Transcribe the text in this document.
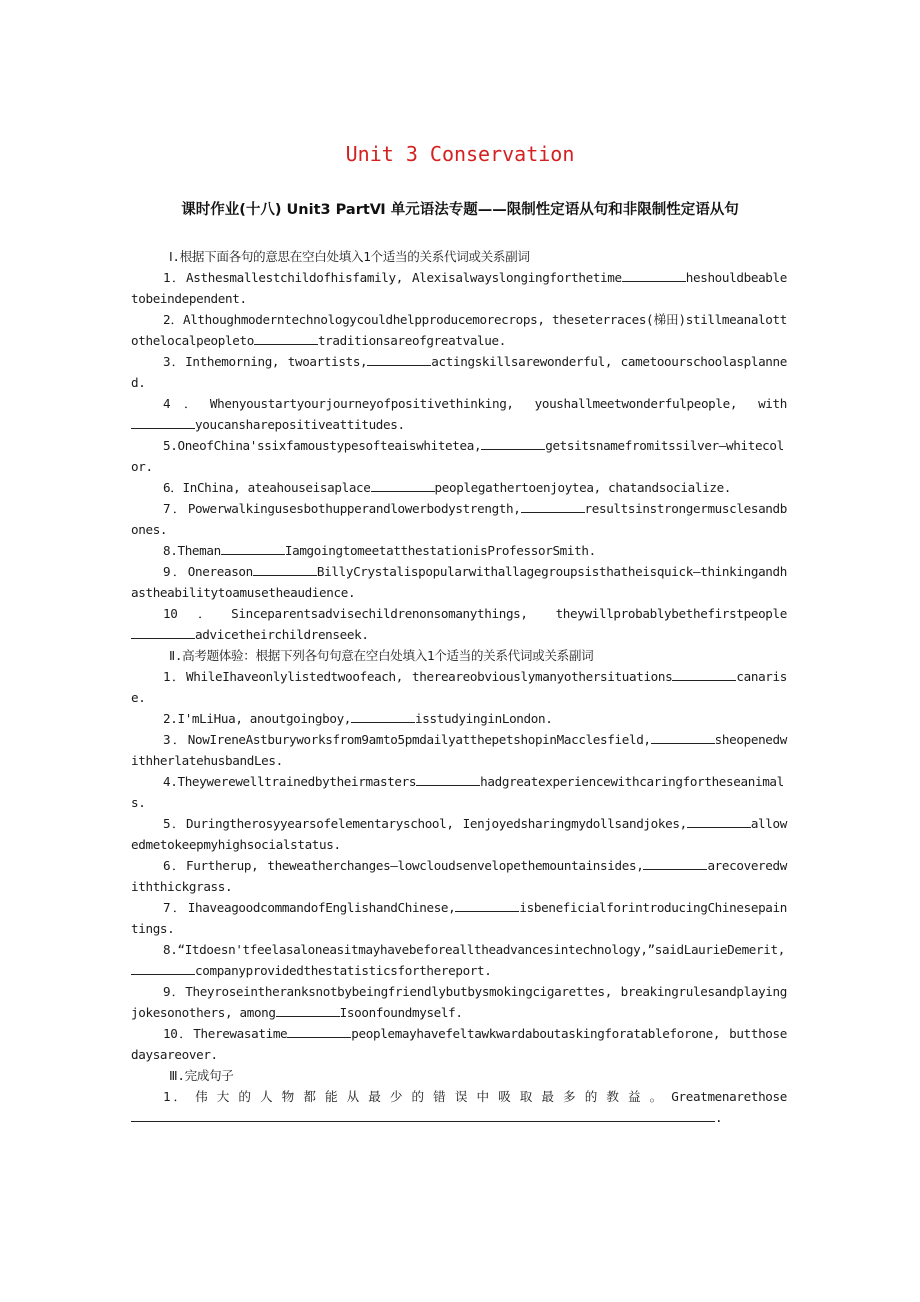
Unit 3 Conservation
课时作业(十八) Unit3 PartⅥ 单元语法专题——限制性定语从句和非限制性定语从句
Ⅰ.根据下面各句的意思在空白处填入1个适当的关系代词或关系副词
1．Asthesmallestchildofhisfamily, Alexisalwayslongingforthetime	heshouldbeabletobeindependent.
2．Althoughmoderntechnologycouldhelpproducemorecrops, theseterraces(梯田)stillmeanalottothelocalpeopleto	traditionsareofgreatvalue.
3．Inthemorning, twoartists,	actingskillsarewonderful, cametoourschoolasplanned.
4．Whenyoustartyourjourneyofpositivethinking, youshallmeetwonderfulpeople, withyoucansharepositiveattitudes.
5.OneofChina'ssixfamoustypesofteaiswhitetea,	getsitsnamefromitssilver—whitecolor.
6．InChina, ateahouseisaplace	peoplegathertoenjoytea, chatandsocialize.
7．Powerwalkingusesbothupperandlowerbodystrength,	resultsinstrongermusclesandbones.
8.Theman	IamgoingtomeetatthestationisProfessorSmith.
9．Onereason	BillyCrystalispopularwithallagegroupsisthatheisquick—thinkingandhastheabilitytoamusetheaudience.
10．Sinceparentsadvisechildrenonsomanythings, theywillprobablybethefirstpeopleadvicetheirchildrenseek.
Ⅱ.高考题体验：根据下列各句句意在空白处填入1个适当的关系代词或关系副词
1．WhileIhaveonlylistedtwoofeach, thereareobviouslymanyothersituations	canarise.
2.I'mLiHua, anoutgoingboy,	isstudyinginLondon.
3．NowIreneAstburyworksfrom9amto5pmdailyatthepetshopinMacclesfield,	sheopenedwithherlatehusbandLes.
4.Theywerewelltrainedbytheirmasters	hadgreatexperiencewithcaringfortheseanimals.
5．Duringtherosyyearsofelementaryschool, Ienjoyedsharingmydollsandjokes,	allowedmetokeepmyhighsocialstatus.
6．Furtherup, theweatherchanges—lowcloudsenvelopethemountainsides,	arecoveredwiththickgrass.
7．IhaveagoodcommandofEnglishandChinese,	isbeneficialforintroducingChinesepaintings.
8.“Itdoesn'tfeelasaloneasitmayhavebeforealltheadvancesintechnology,”saidLaurieDemerit,companyprovidedthestatisticsforthereport.
9．Theyroseintheranksnotbybeingfriendlybutbysmokingcigarettes, breakingrulesandplayingjokesonothers, among	Isoonfoundmyself.
10．Therewasatime	peoplemayhavefeltawkwardaboutaskingforatableforone, butthosedaysareover.
Ⅲ.完成句子
1．伟大的人物都能从最少的错误中吸取最多的教益。Greatmenarethose.
